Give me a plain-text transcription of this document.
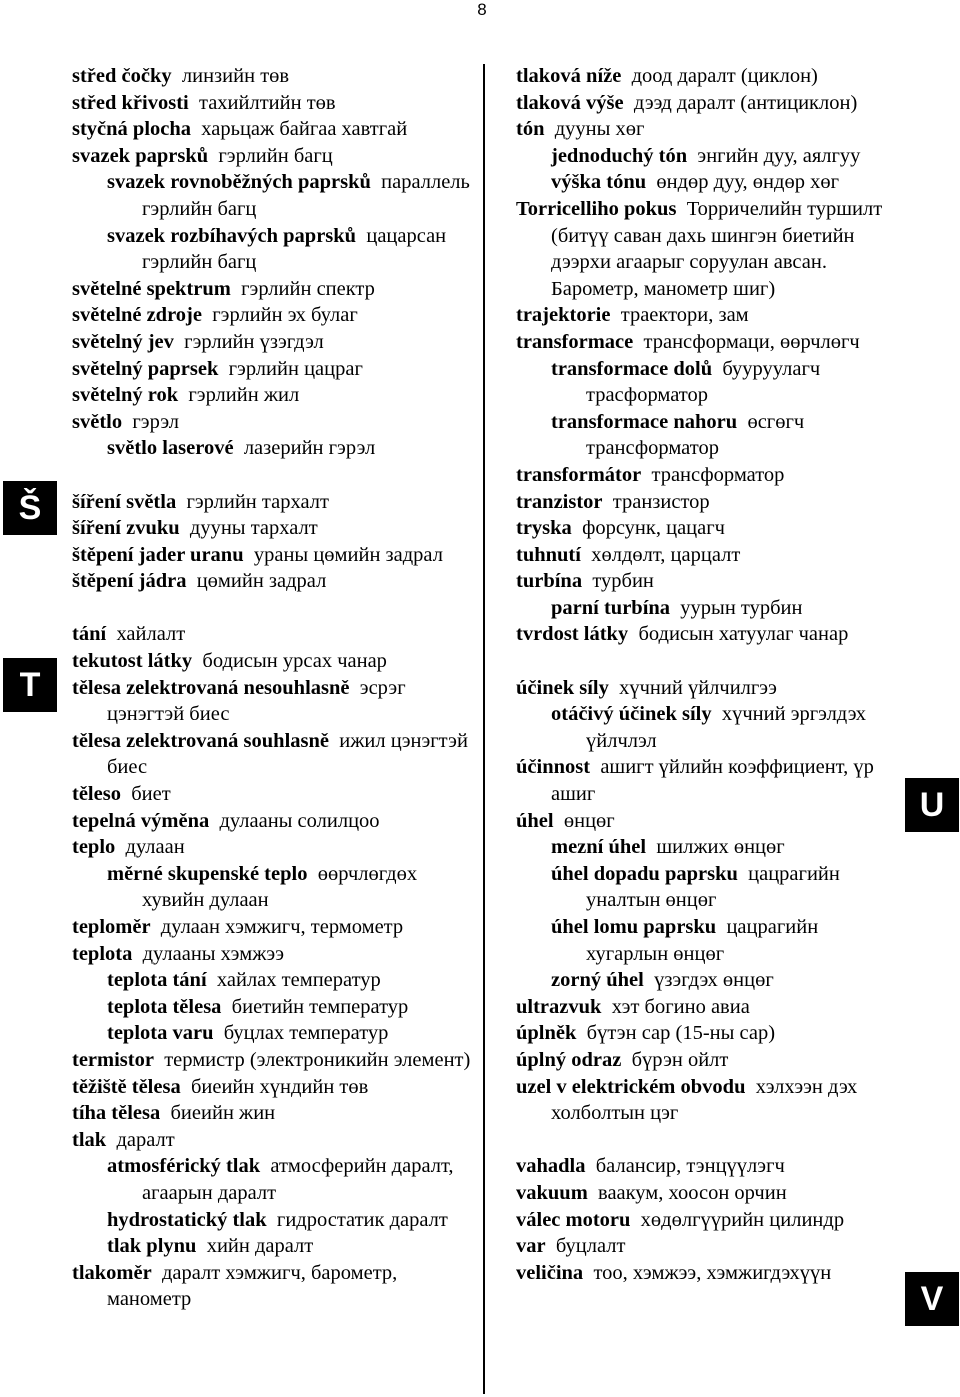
8

střed čočky линзийн төв

střed křivosti тахийлтийн төв

styčná plocha харьцаж байгаа хавтгай

svazek paprsků гэрлийн багц

svazek rovnoběžných paprsků параллель гэрлийн багц

svazek rozbíhavých paprsků цацарсан гэрлийн багц

světelné spektrum гэрлийн спектр

světelné zdroje гэрлийн эх булаг

světelný jev гэрлийн үзэгдэл

světelný paprsek гэрлийн цацраг

světelný rok гэрлийн жил

světlo гэрэл

světlo laserové лазерийн гэрэл

šíření světla гэрлийн тархалт

šíření zvuku дууны тархалт

štěpení jader uranu ураны цөмийн задрал

štěpení jádra цөмийн задрал

tání хайлалт

tekutost látky бодисын урсах чанар

tělesa zelektrovaná nesouhlasně эсрэг цэнэгтэй биес

tělesa zelektrovaná souhlasně ижил цэнэгтэй биес

těleso биет

tepelná výměna дулааны солилцоо

teplo дулаан

měrné skupenské teplo өөрчлөгдөх хувийн дулаан

teploměr дулаан хэмжигч, термометр

teplota дулааны хэмжээ

teplota tání хайлах температур

teplota tělesa биетийн температур

teplota varu буцлах температур

termistor термистр (электроникийн элемент)

těžiště tělesa биеийн хүндийн төв

tíha tělesa биеийн жин

tlak даралт

atmosférický tlak атмосферийн даралт, агаарын даралт

hydrostatický tlak гидростатик даралт

tlak plynu хийн даралт

tlakoměr даралт хэмжигч, барометр, манометр

tlaková níže доод даралт (циклон)

tlaková výše дээд даралт (антициклон)

tón дууны хөг

jednoduchý tón энгийн дуу, аялгуу

výška tónu өндөр дуу, өндөр хөг

Torricelliho pokus Торричелийн туршилт (битүү саван дахь шингэн биетийн дээрхи агаарыг соруулан авсан. Барометр, манометр шиг)

trajektorie траектори, зам

transformace трансформаци, өөрчлөгч

transformace dolů бууруулагч трасформатор

transformace nahoru өсгөгч трансформатор

transformátor трансформатор

tranzistor транзистор

tryska форсунк, цацагч

tuhnutí хөлдөлт, царцалт

turbína турбин

parní turbína уурын турбин

tvrdost látky бодисын хатуулаг чанар

účinek síly хүчний үйлчилгээ

otáčivý účinek síly хүчний эргэлдэх үйлчлэл

účinnost ашигт үйлийн коэффициент, үр ашиг

úhel өнцөг

mezní úhel шилжих өнцөг

úhel dopadu paprsku цацрагийн уналтын өнцөг

úhel lomu paprsku цацрагийн хугарлын өнцөг

zorný úhel үзэгдэх өнцөг

ultrazvuk хэт богино авиа

úplněk бүтэн сар (15-ны сар)

úplný odraz бүрэн ойлт

uzel v elektrickém obvodu хэлхээн дэх холболтын цэг

vahadla балансир, тэнцүүлэгч

vakuum ваакум, хоосон орчин

válec motoru хөдөлгүүрийн цилиндр

var буцлалт

veličina тоо, хэмжээ, хэмжигдэхүүн

Š
T
U
V
